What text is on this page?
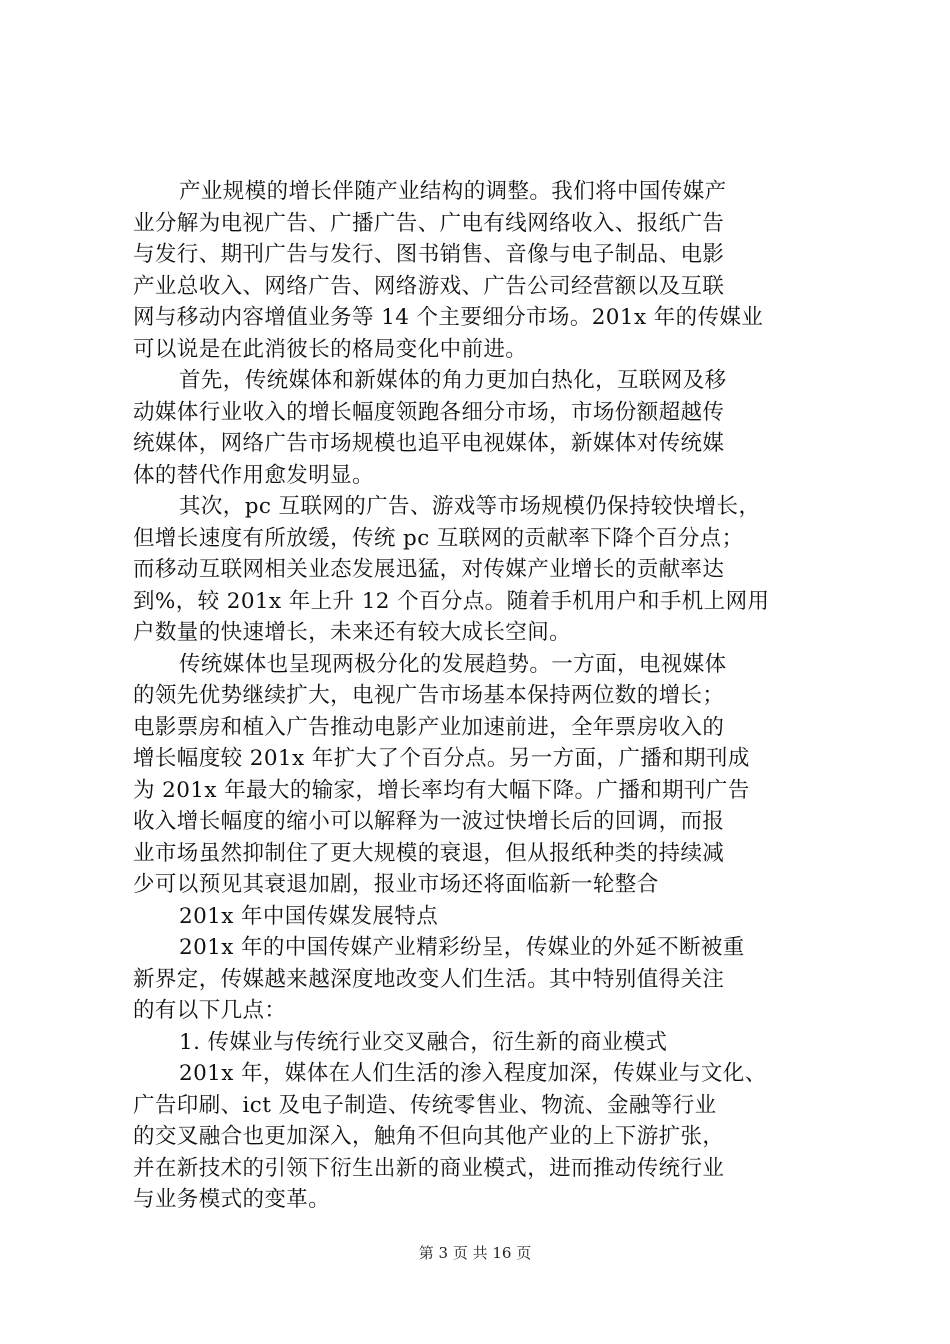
产业规模的增长伴随产业结构的调整。我们将中国传媒产
业分解为电视广告、广播广告、广电有线网络收入、报纸广告
与发行、期刊广告与发行、图书销售、音像与电子制品、电影
产业总收入、网络广告、网络游戏、广告公司经营额以及互联
网与移动内容增值业务等 14 个主要细分市场。201x 年的传媒业
可以说是在此消彼长的格局变化中前进。
首先，传统媒体和新媒体的角力更加白热化，互联网及移
动媒体行业收入的增长幅度领跑各细分市场，市场份额超越传
统媒体，网络广告市场规模也追平电视媒体，新媒体对传统媒
体的替代作用愈发明显。
其次，pc 互联网的广告、游戏等市场规模仍保持较快增长，
但增长速度有所放缓，传统 pc 互联网的贡献率下降个百分点；
而移动互联网相关业态发展迅猛，对传媒产业增长的贡献率达
到%，较 201x 年上升 12 个百分点。随着手机用户和手机上网用
户数量的快速增长，未来还有较大成长空间。
传统媒体也呈现两极分化的发展趋势。一方面，电视媒体
的领先优势继续扩大，电视广告市场基本保持两位数的增长；
电影票房和植入广告推动电影产业加速前进，全年票房收入的
增长幅度较 201x 年扩大了个百分点。另一方面，广播和期刊成
为 201x 年最大的输家，增长率均有大幅下降。广播和期刊广告
收入增长幅度的缩小可以解释为一波过快增长后的回调，而报
业市场虽然抑制住了更大规模的衰退，但从报纸种类的持续减
少可以预见其衰退加剧，报业市场还将面临新一轮整合
201x 年中国传媒发展特点
201x 年的中国传媒产业精彩纷呈，传媒业的外延不断被重
新界定，传媒越来越深度地改变人们生活。其中特别值得关注
的有以下几点：
1. 传媒业与传统行业交叉融合，衍生新的商业模式
201x 年，媒体在人们生活的渗入程度加深，传媒业与文化、
广告印刷、ict 及电子制造、传统零售业、物流、金融等行业
的交叉融合也更加深入，触角不但向其他产业的上下游扩张，
并在新技术的引领下衍生出新的商业模式，进而推动传统行业
与业务模式的变革。
第 3 页 共 16 页
